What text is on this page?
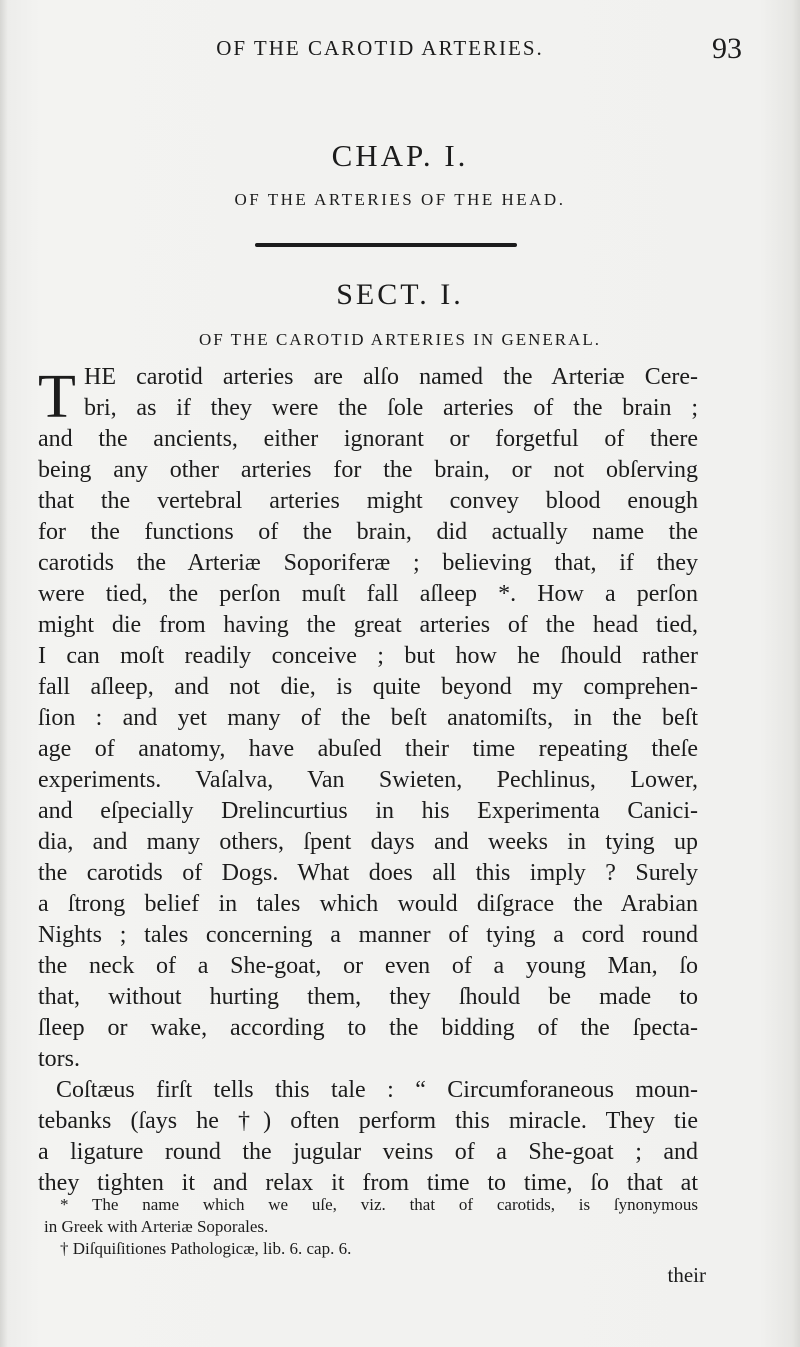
OF THE CAROTID ARTERIES.	93
CHAP. I.
OF THE ARTERIES OF THE HEAD.
SECT. I.
OF THE CAROTID ARTERIES IN GENERAL.
T HE carotid arteries are alſo named the Arteriæ Cere-
bri, as if they were the ſole arteries of the brain ;
and the ancients, either ignorant or forgetful of there
being any other arteries for the brain, or not obſerving
that the vertebral arteries might convey blood enough
for the functions of the brain, did actually name the
carotids the Arteriæ Soporiferæ ; believing that, if they
were tied, the perſon muſt fall aſleep *. How a perſon
might die from having the great arteries of the head tied,
I can moſt readily conceive ; but how he ſhould rather
fall aſleep, and not die, is quite beyond my comprehen-
ſion : and yet many of the beſt anatomiſts, in the beſt
age of anatomy, have abuſed their time repeating theſe
experiments. Vaſalva, Van Swieten, Pechlinus, Lower,
and eſpecially Drelincurtius in his Experimenta Canici-
dia, and many others, ſpent days and weeks in tying up
the carotids of Dogs. What does all this imply ? Surely
a ſtrong belief in tales which would diſgrace the Arabian
Nights ; tales concerning a manner of tying a cord round
the neck of a She-goat, or even of a young Man, ſo
that, without hurting them, they ſhould be made to
ſleep or wake, according to the bidding of the ſpecta-
tors.
Coſtæus firſt tells this tale : “ Circumforaneous moun-
tebanks (ſays he †) often perform this miracle. They tie
a ligature round the jugular veins of a She-goat ; and
they tighten it and relax it from time to time, ſo that at
* The name which we uſe, viz. that of carotids, is ſynonymous
in Greek with Arteriæ Soporales.
† Diſquiſitiones Pathologicæ, lib. 6. cap. 6.
their
